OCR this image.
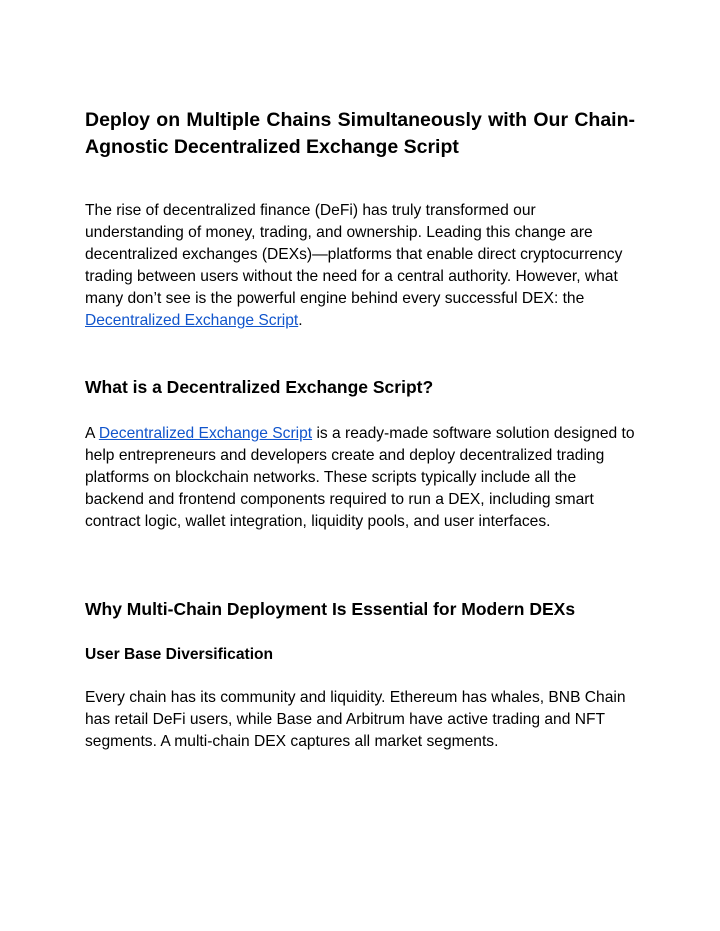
Deploy on Multiple Chains Simultaneously with Our Chain-Agnostic Decentralized Exchange Script

The rise of decentralized finance (DeFi) has truly transformed our understanding of money, trading, and ownership. Leading this change are decentralized exchanges (DEXs)—platforms that enable direct cryptocurrency trading between users without the need for a central authority. However, what many don’t see is the powerful engine behind every successful DEX: the Decentralized Exchange Script.

What is a Decentralized Exchange Script?

A Decentralized Exchange Script is a ready-made software solution designed to help entrepreneurs and developers create and deploy decentralized trading platforms on blockchain networks. These scripts typically include all the backend and frontend components required to run a DEX, including smart contract logic, wallet integration, liquidity pools, and user interfaces.

Why Multi-Chain Deployment Is Essential for Modern DEXs
User Base Diversification

Every chain has its community and liquidity. Ethereum has whales, BNB Chain has retail DeFi users, while Base and Arbitrum have active trading and NFT segments. A multi-chain DEX captures all market segments.
